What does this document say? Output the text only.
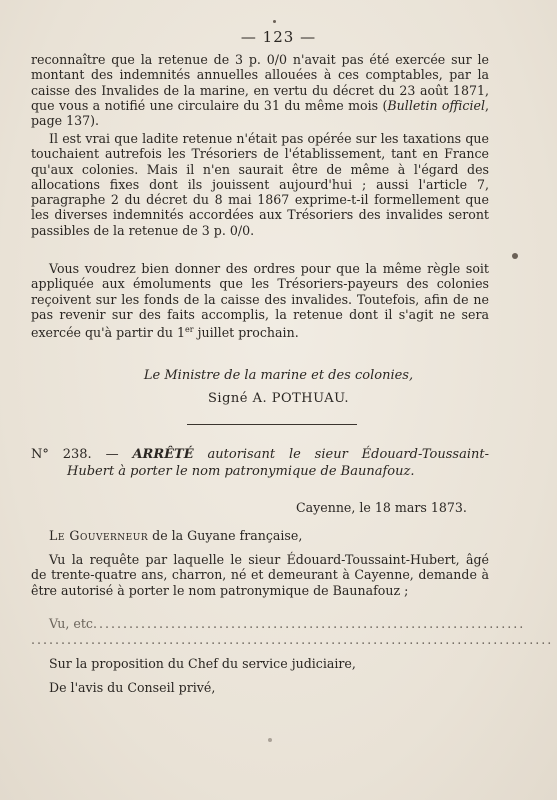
— 123 —

reconnaître que la retenue de 3 p. 0/0 n'avait pas été exercée sur le montant des indemnités annuelles allouées à ces comptables, par la caisse des Invalides de la marine, en vertu du décret du 23 août 1871, que vous a notifié une circulaire du 31 du même mois (Bulletin officiel, page 137).

Il est vrai que ladite retenue n'était pas opérée sur les taxations que touchaient autrefois les Trésoriers de l'établissement, tant en France qu'aux colonies. Mais il n'en saurait être de même à l'égard des allocations fixes dont ils jouissent aujourd'hui ; aussi l'article 7, paragraphe 2 du décret du 8 mai 1867 exprime-t-il formellement que les diverses indemnités accordées aux Trésoriers des invalides seront passibles de la retenue de 3 p. 0/0.

Vous voudrez bien donner des ordres pour que la même règle soit appliquée aux émoluments que les Trésoriers-payeurs des colonies reçoivent sur les fonds de la caisse des invalides. Toutefois, afin de ne pas revenir sur des faits accomplis, la retenue dont il s'agit ne sera exercée qu'à partir du 1er juillet prochain.

Le Ministre de la marine et des colonies,
Signé A. POTHUAU.
N° 238. — ARRÊTÉ autorisant le sieur Édouard-Toussaint-
Hubert à porter le nom patronymique de Baunafouz.
Cayenne, le 18 mars 1873.
Le Gouverneur de la Guyane française,

Vu la requête par laquelle le sieur Édouard-Toussaint-Hubert, âgé de trente-quatre ans, charron, né et demeurant à Cayenne, demande à être autorisé à porter le nom patronymique de Baunafouz ;

Vu, etc........................................................................
.......................................................................................
Sur la proposition du Chef du service judiciaire,
De l'avis du Conseil privé,
